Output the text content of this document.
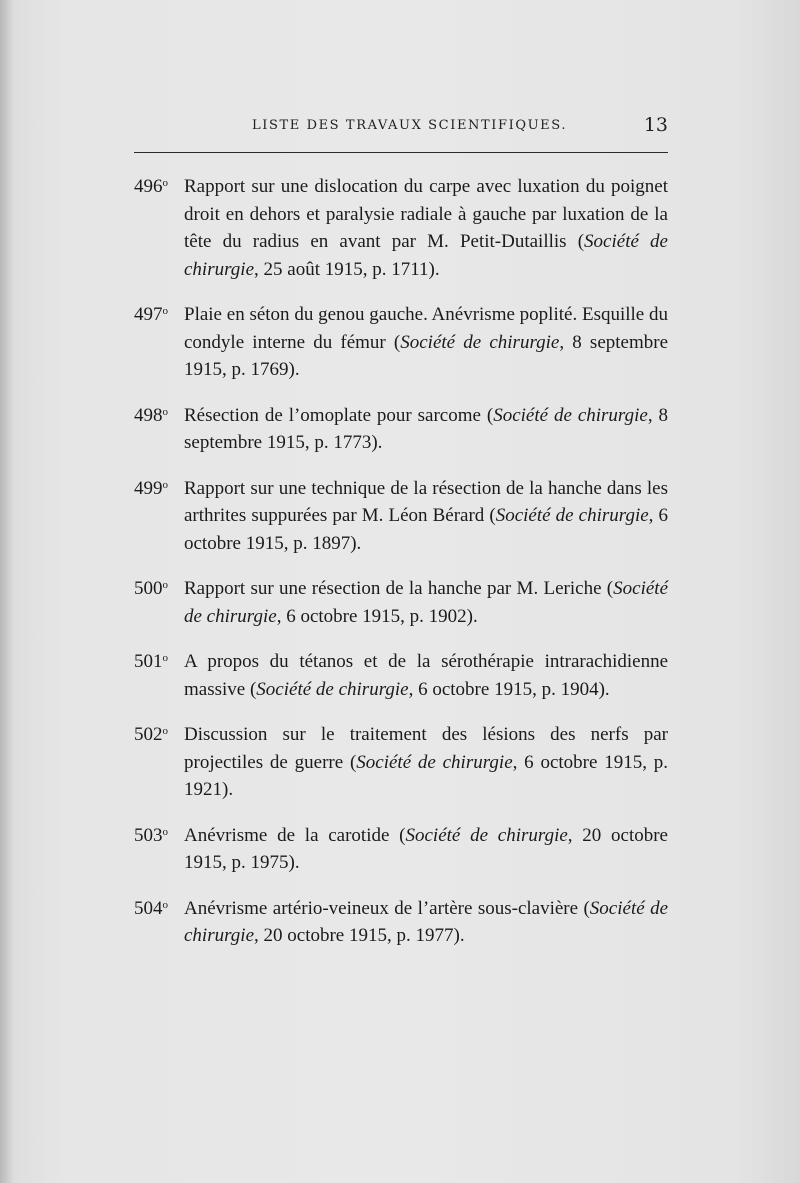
LISTE DES TRAVAUX SCIENTIFIQUES.	13
496$^o$ Rapport sur une dislocation du carpe avec luxation du poignet droit en dehors et paralysie radiale à gauche par luxation de la tête du radius en avant par M. Petit-Dutaillis (Société de chirurgie, 25 août 1915, p. 1711).
497$^o$ Plaie en séton du genou gauche. Anévrisme poplité. Esquille du condyle interne du fémur (Société de chirurgie, 8 septembre 1915, p. 1769).
498$^o$ Résection de l’omoplate pour sarcome (Société de chirurgie, 8 septembre 1915, p. 1773).
499$^o$ Rapport sur une technique de la résection de la hanche dans les arthrites suppurées par M. Léon Bérard (Société de chirurgie, 6 octobre 1915, p. 1897).
500$^o$ Rapport sur une résection de la hanche par M. Leriche (Société de chirurgie, 6 octobre 1915, p. 1902).
501$^o$ A propos du tétanos et de la sérothérapie intrarachidienne massive (Société de chirurgie, 6 octobre 1915, p. 1904).
502$^o$ Discussion sur le traitement des lésions des nerfs par projectiles de guerre (Société de chirurgie, 6 octobre 1915, p. 1921).
503$^o$ Anévrisme de la carotide (Société de chirurgie, 20 octobre 1915, p. 1975).
504$^o$ Anévrisme artério-veineux de l’artère sous-clavière (Société de chirurgie, 20 octobre 1915, p. 1977).
